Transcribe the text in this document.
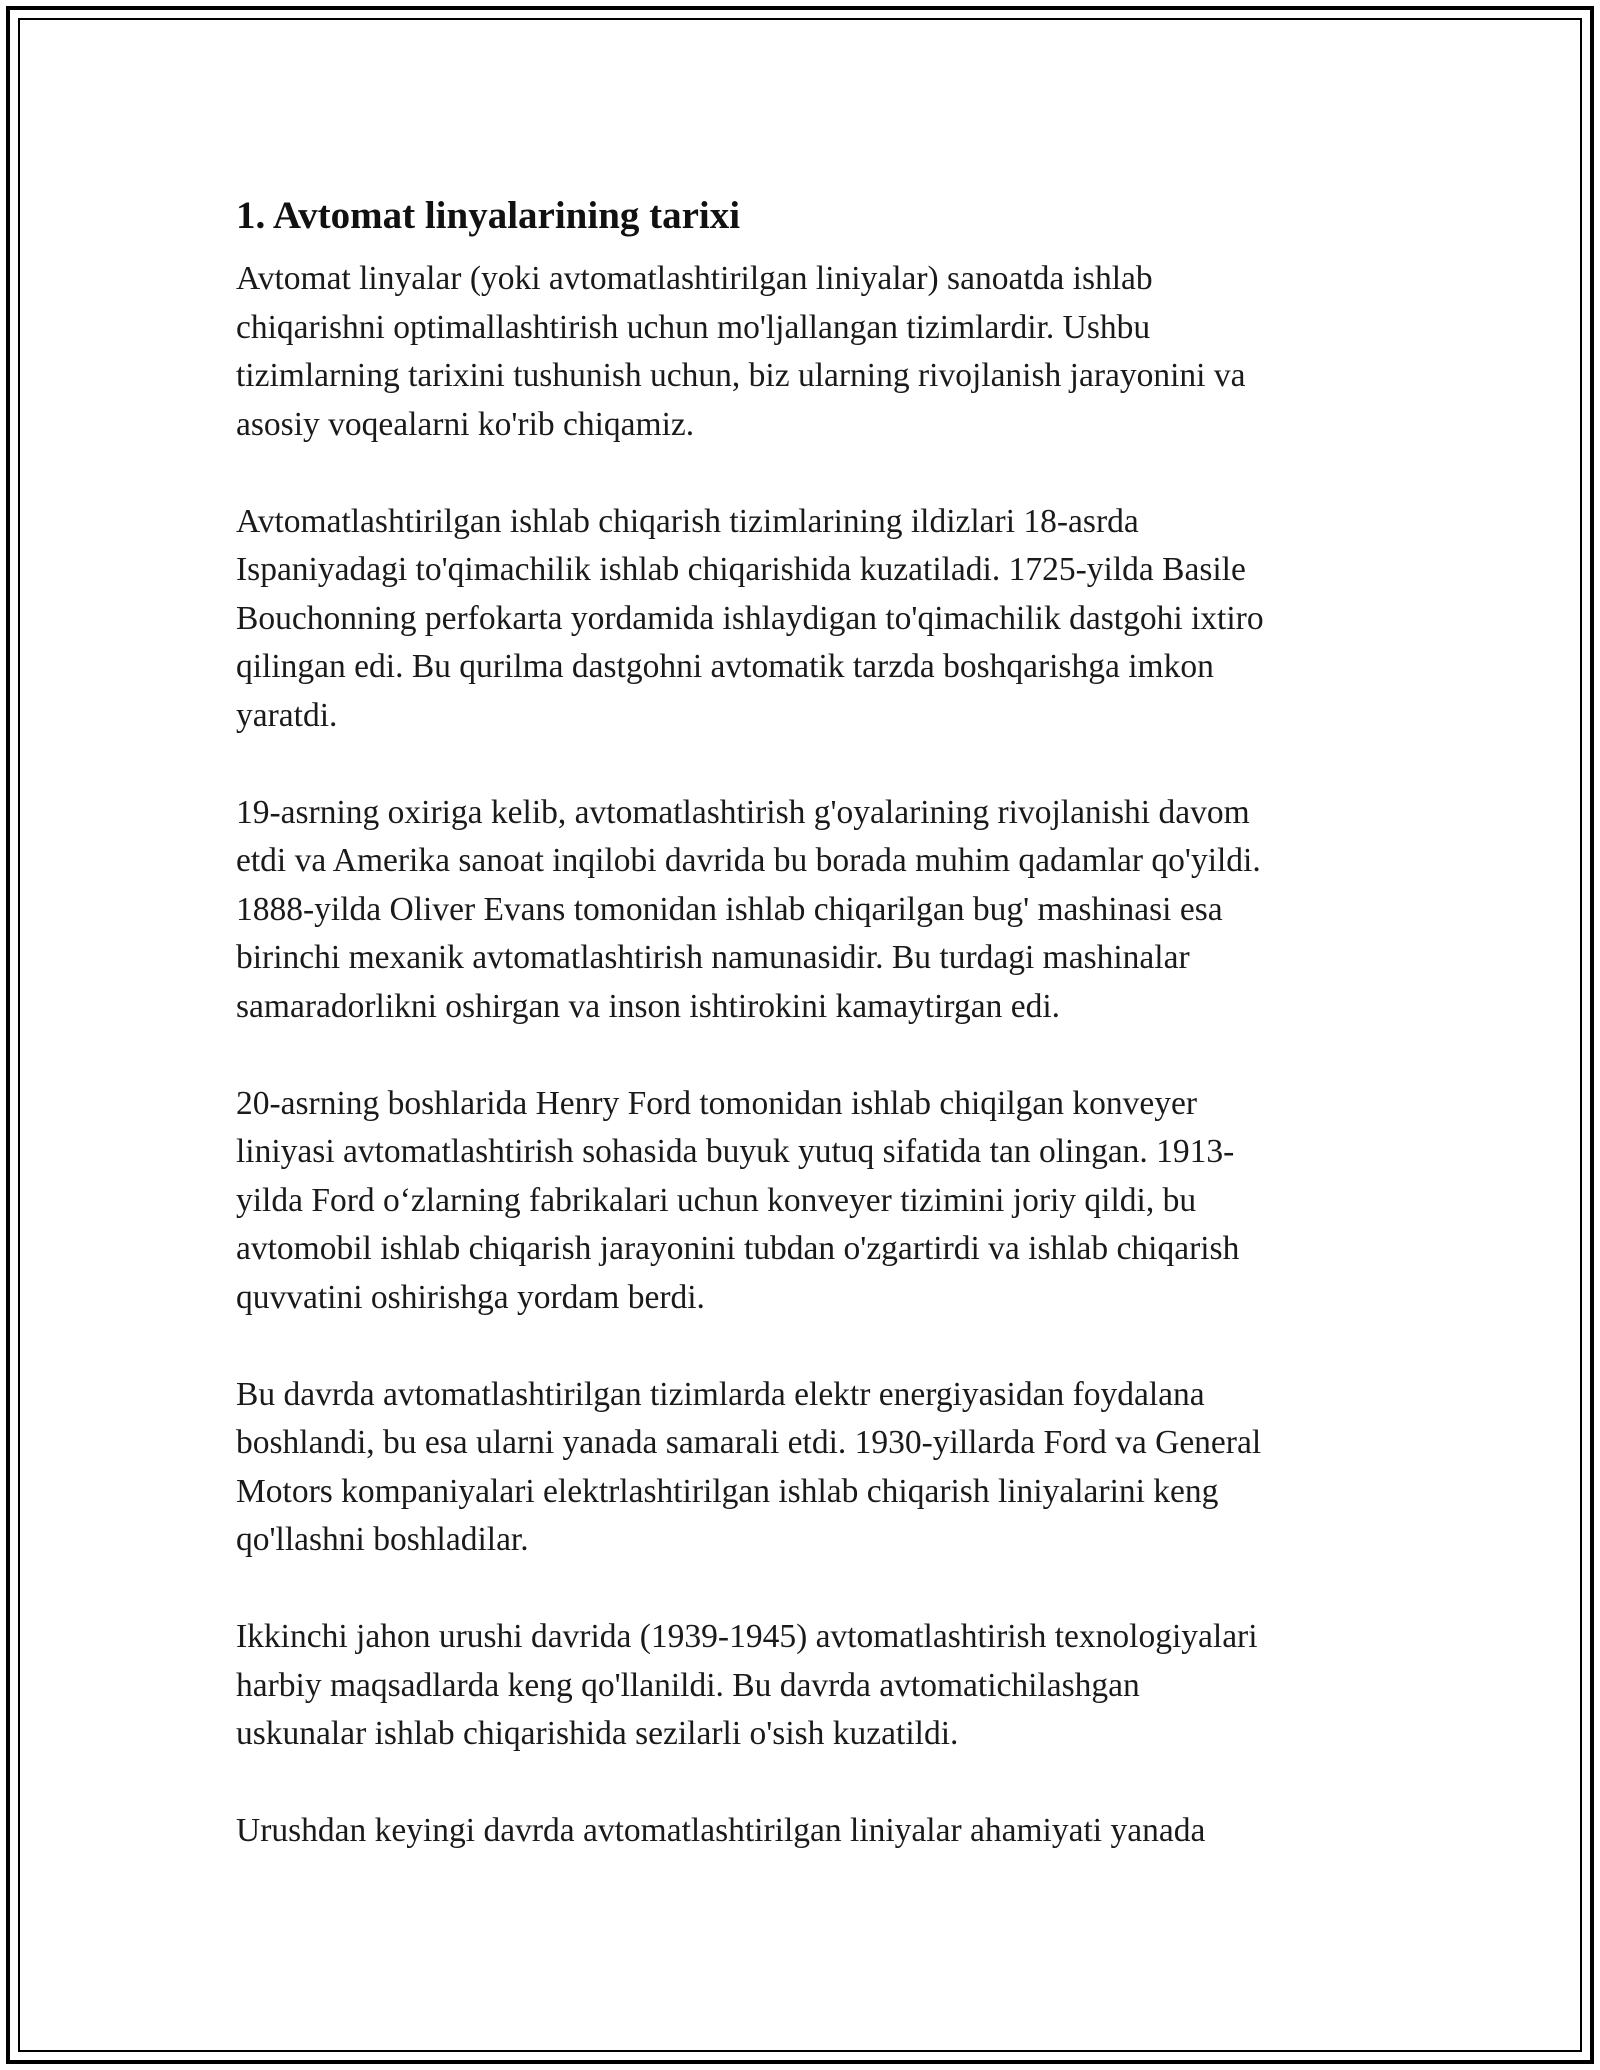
1. Avtomat linyalarining tarixi

Avtomat linyalar (yoki avtomatlashtirilgan liniyalar) sanoatda ishlab
chiqarishni optimallashtirish uchun mo'ljallangan tizimlardir. Ushbu
tizimlarning tarixini tushunish uchun, biz ularning rivojlanish jarayonini va
asosiy voqealarni ko'rib chiqamiz.

Avtomatlashtirilgan ishlab chiqarish tizimlarining ildizlari 18-asrda
Ispaniyadagi to'qimachilik ishlab chiqarishida kuzatiladi. 1725-yilda Basile
Bouchonning perfokarta yordamida ishlaydigan to'qimachilik dastgohi ixtiro
qilingan edi. Bu qurilma dastgohni avtomatik tarzda boshqarishga imkon
yaratdi.

19-asrning oxiriga kelib, avtomatlashtirish g'oyalarining rivojlanishi davom
etdi va Amerika sanoat inqilobi davrida bu borada muhim qadamlar qo'yildi.
1888-yilda Oliver Evans tomonidan ishlab chiqarilgan bug' mashinasi esa
birinchi mexanik avtomatlashtirish namunasidir. Bu turdagi mashinalar
samaradorlikni oshirgan va inson ishtirokini kamaytirgan edi.

20-asrning boshlarida Henry Ford tomonidan ishlab chiqilgan konveyer
liniyasi avtomatlashtirish sohasida buyuk yutuq sifatida tan olingan. 1913-
yilda Ford o‘zlarning fabrikalari uchun konveyer tizimini joriy qildi, bu
avtomobil ishlab chiqarish jarayonini tubdan o'zgartirdi va ishlab chiqarish
quvvatini oshirishga yordam berdi.

Bu davrda avtomatlashtirilgan tizimlarda elektr energiyasidan foydalana
boshlandi, bu esa ularni yanada samarali etdi. 1930-yillarda Ford va General
Motors kompaniyalari elektrlashtirilgan ishlab chiqarish liniyalarini keng
qo'llashni boshladilar.

Ikkinchi jahon urushi davrida (1939-1945) avtomatlashtirish texnologiyalari
harbiy maqsadlarda keng qo'llanildi. Bu davrda avtomatichilashgan
uskunalar ishlab chiqarishida sezilarli o'sish kuzatildi.

Urushdan keyingi davrda avtomatlashtirilgan liniyalar ahamiyati yanada
